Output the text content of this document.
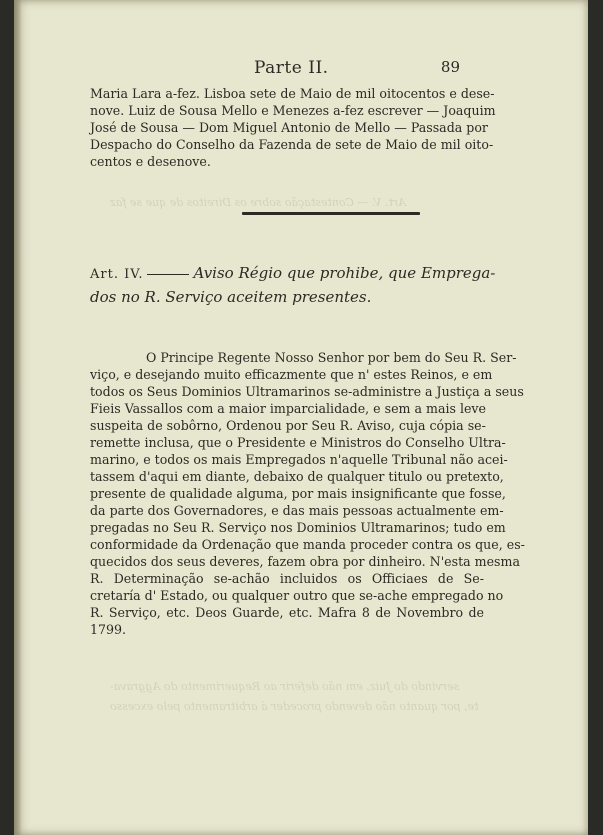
Art. V. — Contestação sobre os Direitos de que se faz
servindo do Juiz, em não deferir ao Requerimento do Aggrava-
te, por quanto não devendo proceder á arbitramento pelo excesso
Parte II.	89
Maria Lara a-fez. Lisboa sete de Maio de mil oitocentos e dese-
nove. Luiz de Sousa Mello e Menezes a-fez escrever — Joaquim
José de Sousa — Dom Miguel Antonio de Mello — Passada por
Despacho do Conselho da Fazenda de sete de Maio de mil oito-
centos e desenove.
Art. IV.	Aviso Régio que prohibe, que Emprega-
dos no R. Serviço aceitem presentes.
O Principe Regente Nosso Senhor por bem do Seu R. Ser-
viço, e desejando muito efficazmente que n' estes Reinos, e em
todos os Seus Dominios Ultramarinos se-administre a Justiça a seus
Fieis Vassallos com a maior imparcialidade, e sem a mais leve
suspeita de sobôrno, Ordenou por Seu R. Aviso, cuja cópia se-
remette inclusa, que o Presidente e Ministros do Conselho Ultra-
marino, e todos os mais Empregados n'aquelle Tribunal não acei-
tassem d'aqui em diante, debaixo de qualquer titulo ou pretexto,
presente de qualidade alguma, por mais insignificante que fosse,
da parte dos Governadores, e das mais pessoas actualmente em-
pregadas no Seu R. Serviço nos Dominios Ultramarinos; tudo em
conformidade da Ordenação que manda proceder contra os que, es-
quecidos dos seus deveres, fazem obra por dinheiro. N'esta mesma
R. Determinação se-achão incluidos os Officiaes de Se-
cretaría d' Estado, ou qualquer outro que se-ache empregado no
R. Serviço, etc. Deos Guarde, etc. Mafra 8 de Novembro de
1799.
